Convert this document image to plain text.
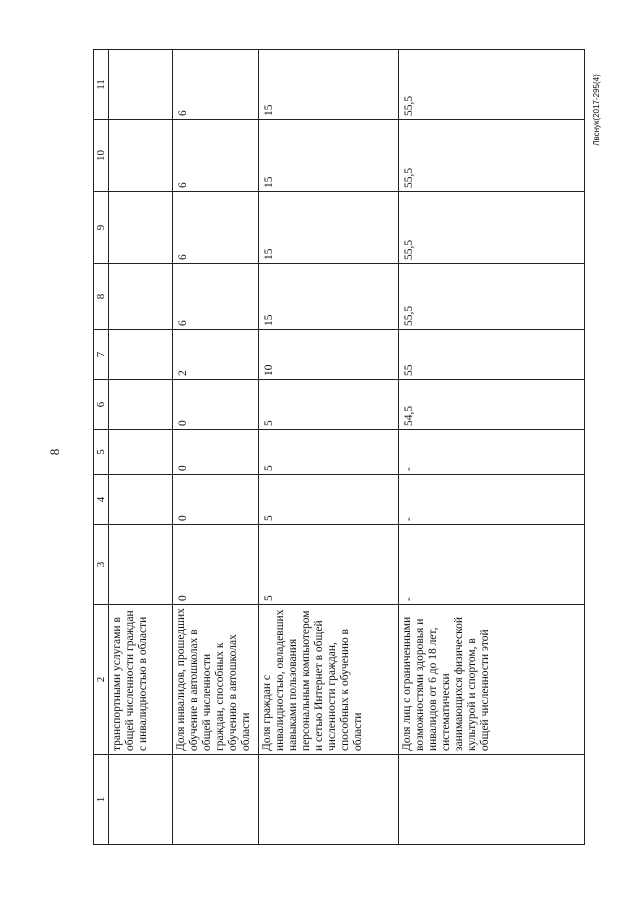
8
Лвснук(2017-295(4)
1	2	3	4	5	6	7	8	9	10	11
	транспортными услугами в общей численности граждан с инвалидностью в области									
	Доля инвалидов, прошедших обучение в автошколах в общей численности граждан, способных к обучению в автошколах области	0	0	0	0	2	6	6	6	6
	Доля граждан с инвалидностью, овладевших навыками пользования персональным компьютером и сетью Интернет в общей численности граждан, способных к обучению в области	5	5	5	5	10	15	15	15	15
	Доля лиц с ограниченными возможностями здоровья и инвалидов от 6 до 18 лет, систематически занимающихся физической культурой и спортом, в общей численности этой	-	-	-	54,5	55	55,5	55,5	55,5	55,5
